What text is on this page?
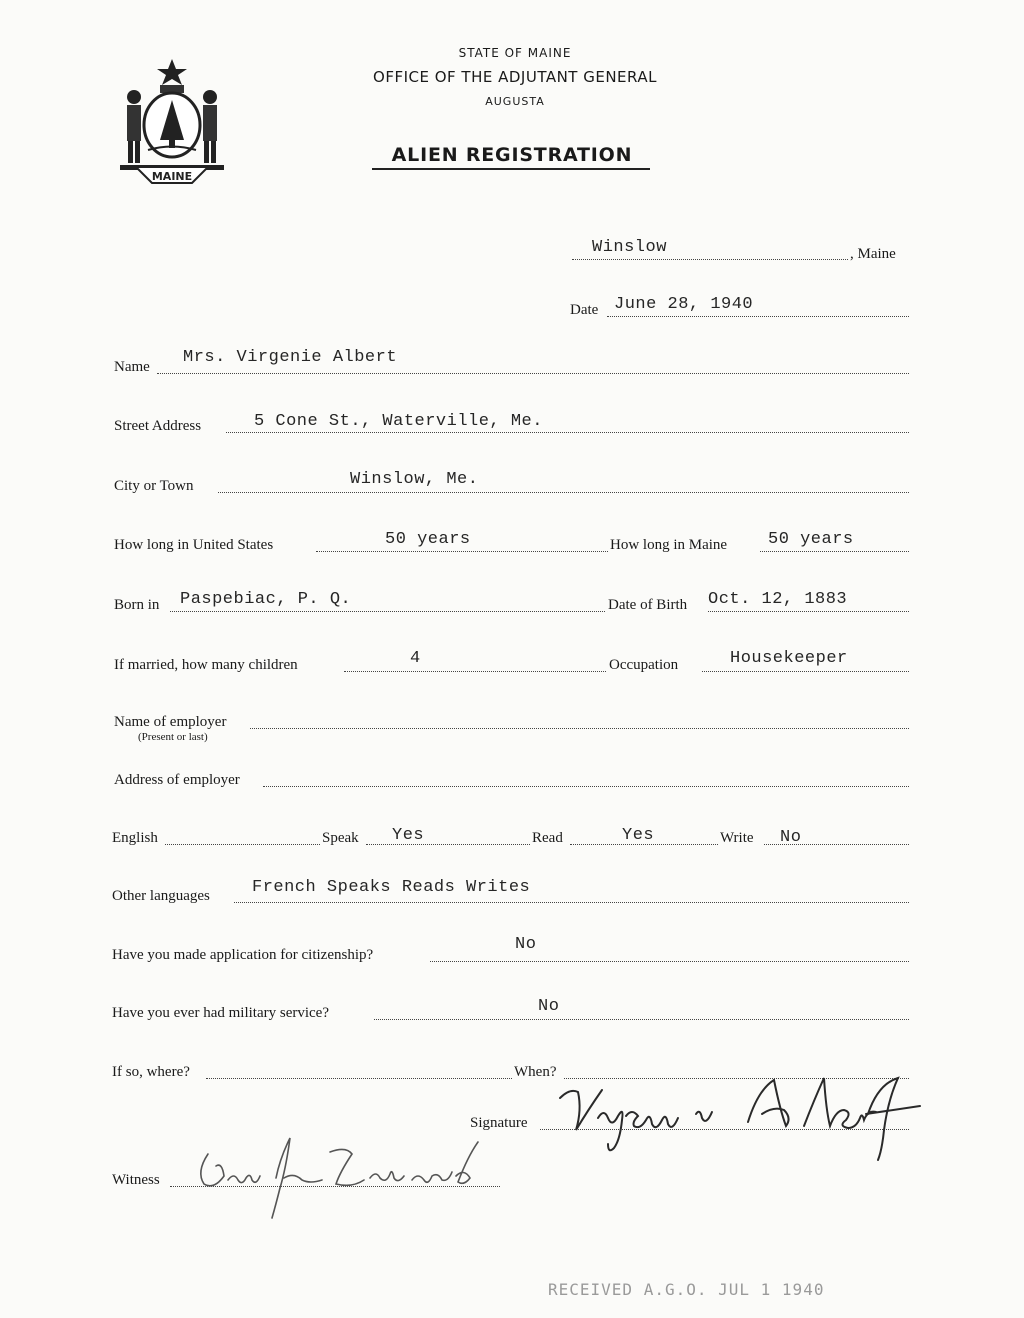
MAINE
STATE OF MAINE
OFFICE OF THE ADJUTANT GENERAL
AUGUSTA
ALIEN REGISTRATION
Winslow	, Maine
Date June 28, 1940
Name Mrs. Virgenie Albert
Street Address	5 Cone St., Waterville, Me.
City or Town	Winslow, Me.
How long in United States	50 years	How long in Maine 50 years
Born in Paspebiac, P. Q.	Date of Birth Oct. 12, 1883
If married, how many children	4	Occupation	Housekeeper
Name of employer
(Present or last)
Address of employer
English	Speak Yes	Read	Yes	Write No
Other languages French Speaks Reads Writes
Have you made application for citizenship?
No
Have you ever had military service?	No
If so, where?	When?
Signature
Witness
RECEIVED A.G.O. JUL 1 1940
